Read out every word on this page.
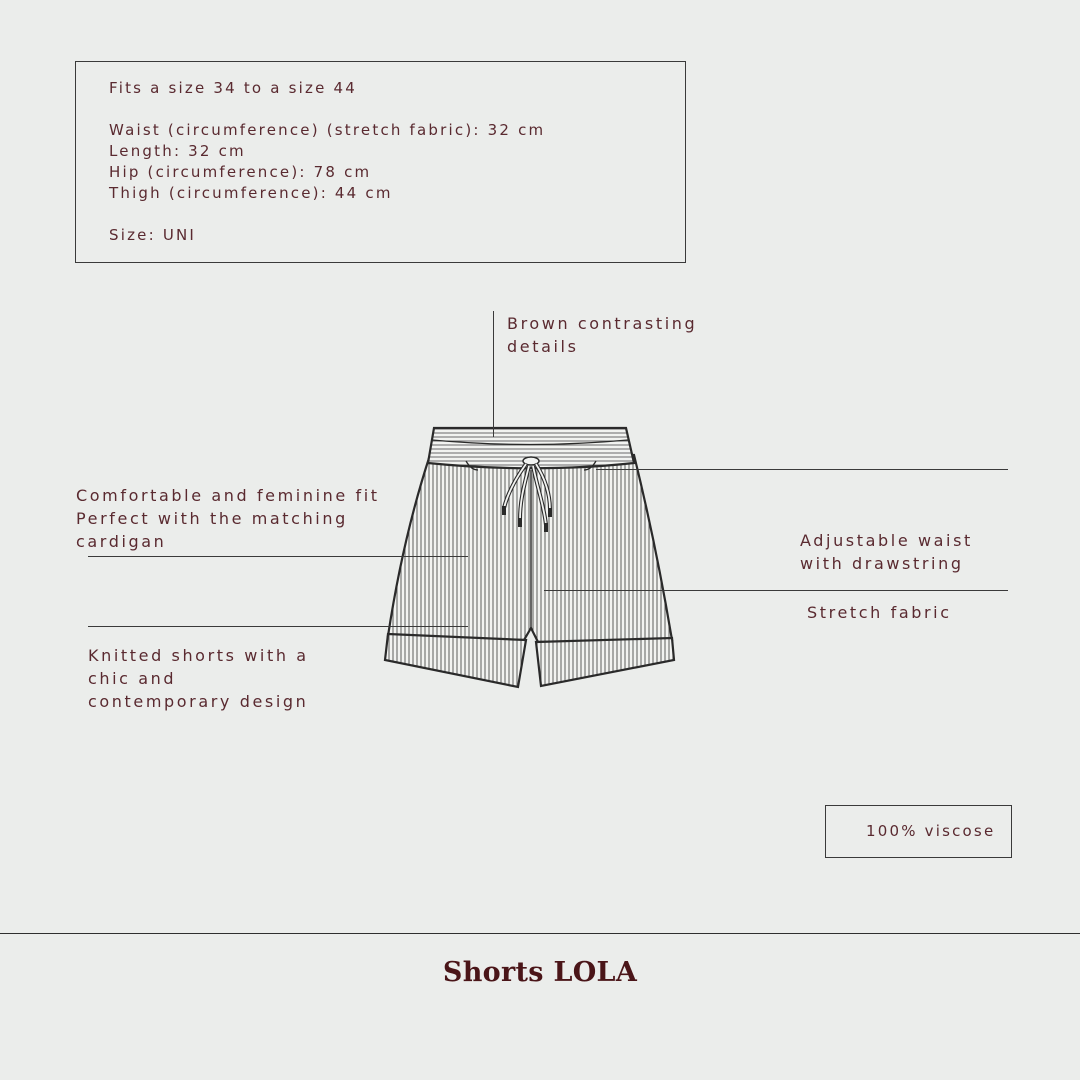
Fits a size 34 to a size 44

Waist (circumference) (stretch fabric): 32 cm

Length: 32 cm

Hip (circumference): 78 cm

Thigh (circumference): 44 cm

Size: UNI

Brown contrasting
details

Comfortable and feminine fit
Perfect with the matching
cardigan

Knitted shorts with a
chic and
contemporary design

Adjustable waist
with drawstring

Stretch fabric

100% viscose

Shorts LOLA
